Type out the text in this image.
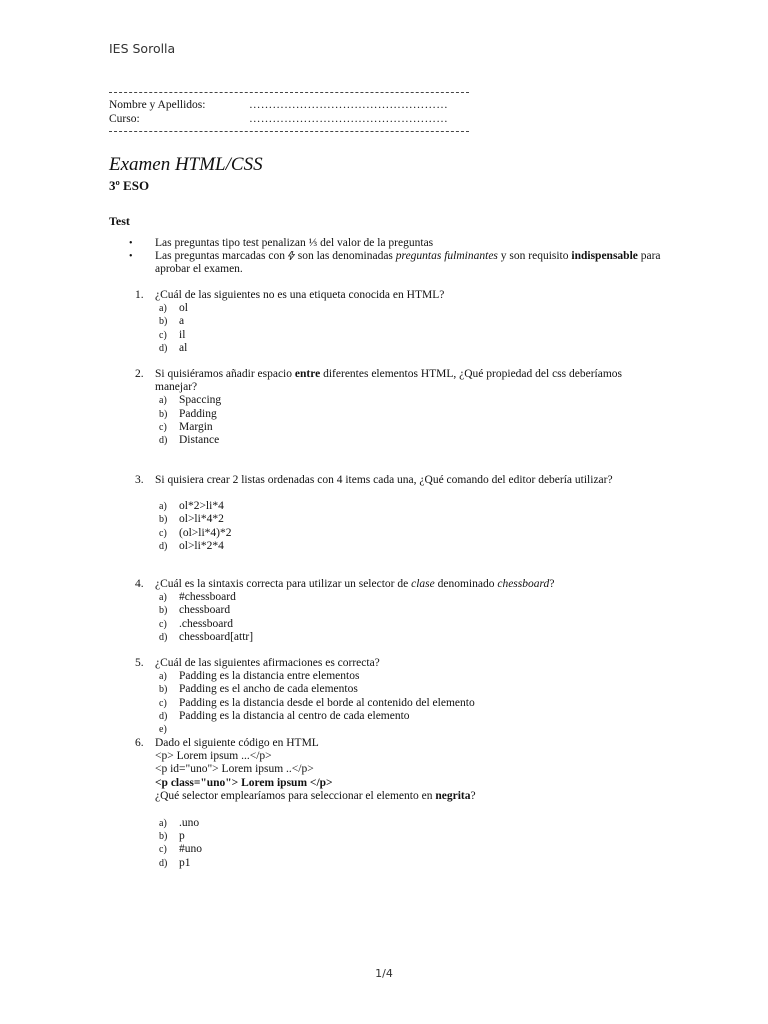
IES Sorolla
Nombre y Apellidos:	……………………………………………
Curso:	……………………………………………
Examen HTML/CSS
3º ESO
Test
• Las preguntas tipo test penalizan ⅓ del valor de la preguntas
• Las preguntas marcadas con son las denominadas preguntas fulminantes y son requisito indispensable para aprobar el examen.
1. ¿Cuál de las siguientes no es una etiqueta conocida en HTML?
a) ol
b) a
c) il
d) al
2. Si quisiéramos añadir espacio entre diferentes elementos HTML, ¿Qué propiedad del css deberíamos manejar?
a) Spaccing
b) Padding
c) Margin
d) Distance
3. Si quisiera crear 2 listas ordenadas con 4 items cada una, ¿Qué comando del editor debería utilizar?
a) ol*2>li*4
b) ol>li*4*2
c) (ol>li*4)*2
d) ol>li*2*4
4. ¿Cuál es la sintaxis correcta para utilizar un selector de clase denominado chessboard?
a) #chessboard
b) chessboard
c) .chessboard
d) chessboard[attr]
5. ¿Cuál de las siguientes afirmaciones es correcta?
a) Padding es la distancia entre elementos
b) Padding es el ancho de cada elementos
c) Padding es la distancia desde el borde al contenido del elemento
d) Padding es la distancia al centro de cada elemento
e)
6. Dado el siguiente código en HTML
<p> Lorem ipsum ...</p>
<p id="uno"> Lorem ipsum ..</p>
<p class="uno"> Lorem ipsum </p>
¿Qué selector emplearíamos para seleccionar el elemento en negrita?
a) .uno
b) p
c) #uno
d) p1
1/4
